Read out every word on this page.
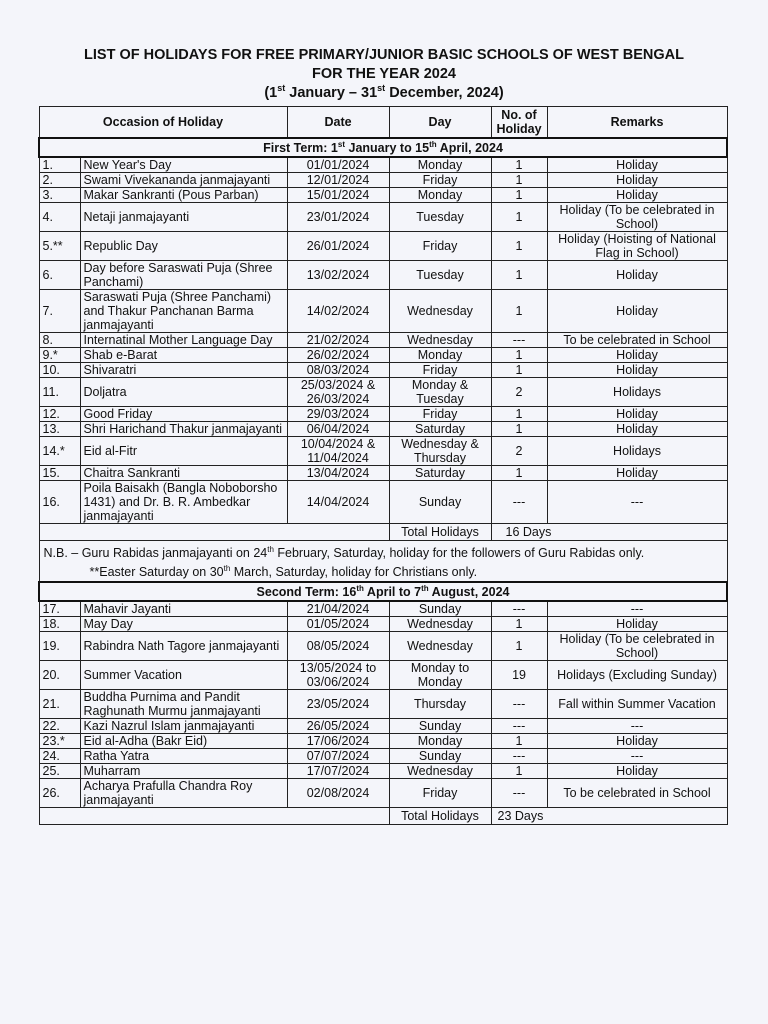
LIST OF HOLIDAYS FOR FREE PRIMARY/JUNIOR BASIC SCHOOLS OF WEST BENGAL
FOR THE YEAR 2024
(1st January – 31st December, 2024)
Occasion of Holiday		Date	Day	No. of Holiday	Remarks
First Term: 1st January to 15th April, 2024					
1.	New Year's Day	01/01/2024	Monday	1	Holiday
2.	Swami Vivekananda janmajayanti	12/01/2024	Friday	1	Holiday
3.	Makar Sankranti (Pous Parban)	15/01/2024	Monday	1	Holiday
4.	Netaji janmajayanti	23/01/2024	Tuesday	1	Holiday (To be celebrated in School)
5.**	Republic Day	26/01/2024	Friday	1	Holiday (Hoisting of National Flag in School)
6.	Day before Saraswati Puja (Shree Panchami)	13/02/2024	Tuesday	1	Holiday
7.	Saraswati Puja (Shree Panchami) and Thakur Panchanan Barma janmajayanti	14/02/2024	Wednesday	1	Holiday
8.	Internatinal Mother Language Day	21/02/2024	Wednesday	---	To be celebrated in School
9.*	Shab e-Barat	26/02/2024	Monday	1	Holiday
10.	Shivaratri	08/03/2024	Friday	1	Holiday
11.	Doljatra	25/03/2024 & 26/03/2024	Monday & Tuesday	2	Holidays
12.	Good Friday	29/03/2024	Friday	1	Holiday
13.	Shri Harichand Thakur janmajayanti	06/04/2024	Saturday	1	Holiday
14.*	Eid al-Fitr	10/04/2024 & 11/04/2024	Wednesday & Thursday	2	Holidays
15.	Chaitra Sankranti	13/04/2024	Saturday	1	Holiday
16.	Poila Baisakh (Bangla Noboborsho 1431) and Dr. B. R. Ambedkar janmajayanti	14/04/2024	Sunday	---	---
			Total Holidays	16 Days	
N.B. – Guru Rabidas janmajayanti on 24th February, Saturday, holiday for the followers of Guru Rabidas only.
**Easter Saturday on 30th March, Saturday, holiday for Christians only.					

Second Term: 16th April to 7th August, 2024					
17.	Mahavir Jayanti	21/04/2024	Sunday	---	---
18.	May Day	01/05/2024	Wednesday	1	Holiday
19.	Rabindra Nath Tagore janmajayanti	08/05/2024	Wednesday	1	Holiday (To be celebrated in School)
20.	Summer Vacation	13/05/2024 to 03/06/2024	Monday to Monday	19	Holidays (Excluding Sunday)
21.	Buddha Purnima and Pandit Raghunath Murmu janmajayanti	23/05/2024	Thursday	---	Fall within Summer Vacation
22.	Kazi Nazrul Islam janmajayanti	26/05/2024	Sunday	---	---
23.*	Eid al-Adha (Bakr Eid)	17/06/2024	Monday	1	Holiday
24.	Ratha Yatra	07/07/2024	Sunday	---	---
25.	Muharram	17/07/2024	Wednesday	1	Holiday
26.	Acharya Prafulla Chandra Roy janmajayanti	02/08/2024	Friday	---	To be celebrated in School
			Total Holidays	23 Days	
